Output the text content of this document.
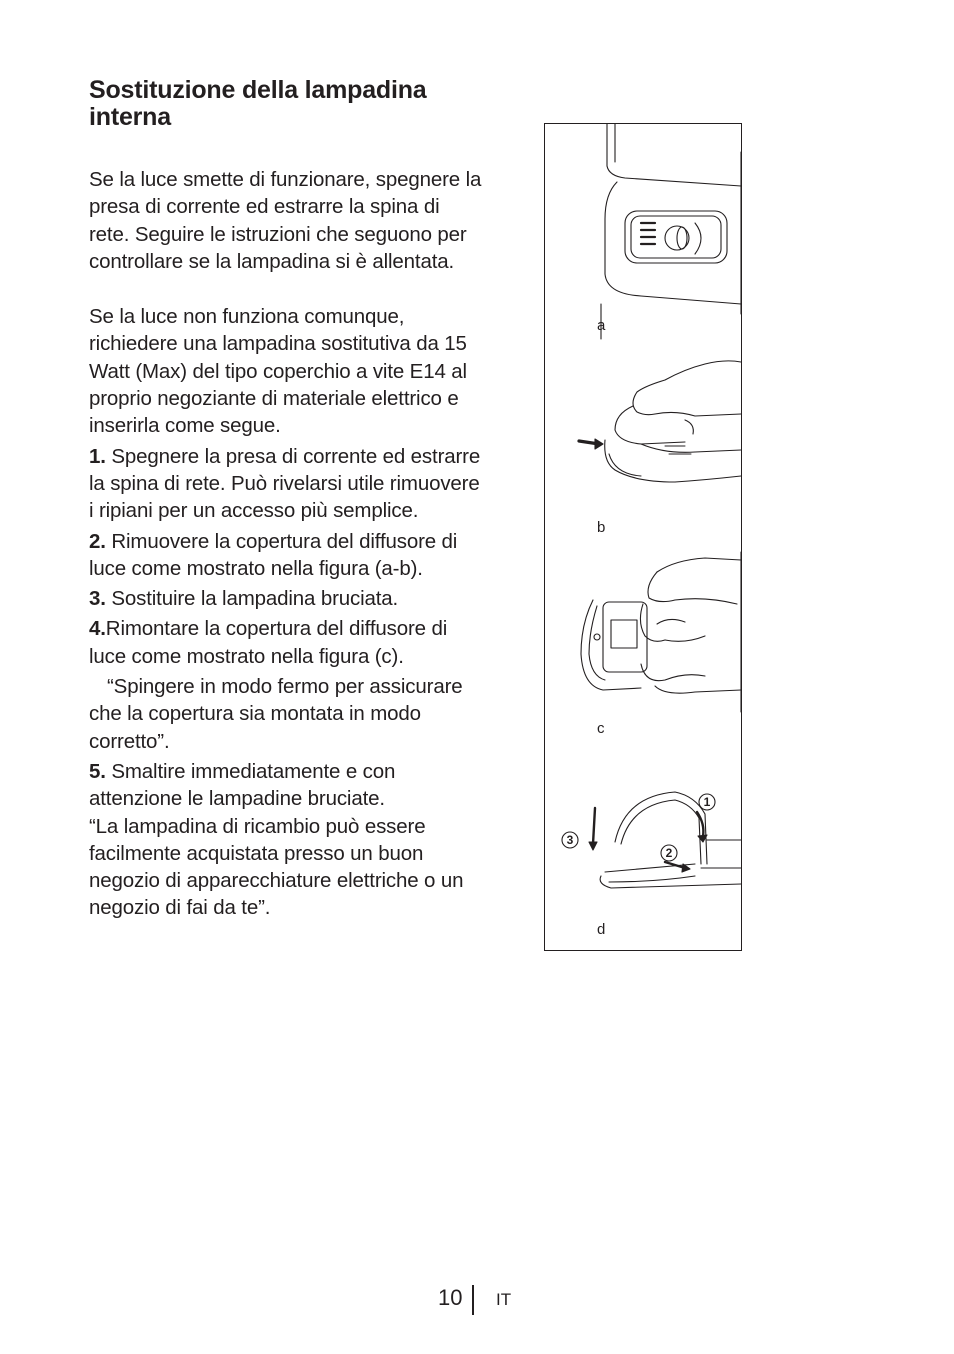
Sostituzione della lampadina interna

Se la luce smette di funzionare, spegnere la presa di corrente ed estrarre la spina di rete. Seguire le istruzioni che seguono per controllare se la lampadina si è allentata.

Se la luce non funziona comunque, richiedere una lampadina sostitutiva da 15 Watt (Max) del tipo coperchio a vite E14 al proprio negoziante di materiale elettrico e inserirla come segue.

1. Spegnere la presa di corrente ed estrarre la spina di rete. Può rivelarsi utile rimuovere i ripiani per un accesso più semplice.

2. Rimuovere la copertura del diffusore di luce come mostrato nella figura (a-b).

3. Sostituire la lampadina bruciata.

4.Rimontare la copertura del diffusore di luce come mostrato nella figura (c).

“Spingere in modo fermo per assicurare che la copertura sia montata in modo corretto”.

5. Smaltire immediatamente e con attenzione le lampadine bruciate.

“La lampadina di ricambio può essere facilmente acquistata presso un buon negozio di apparecchiature elettriche o un negozio di fai da te”.

a
b
c
1
2
3
d
10 IT
